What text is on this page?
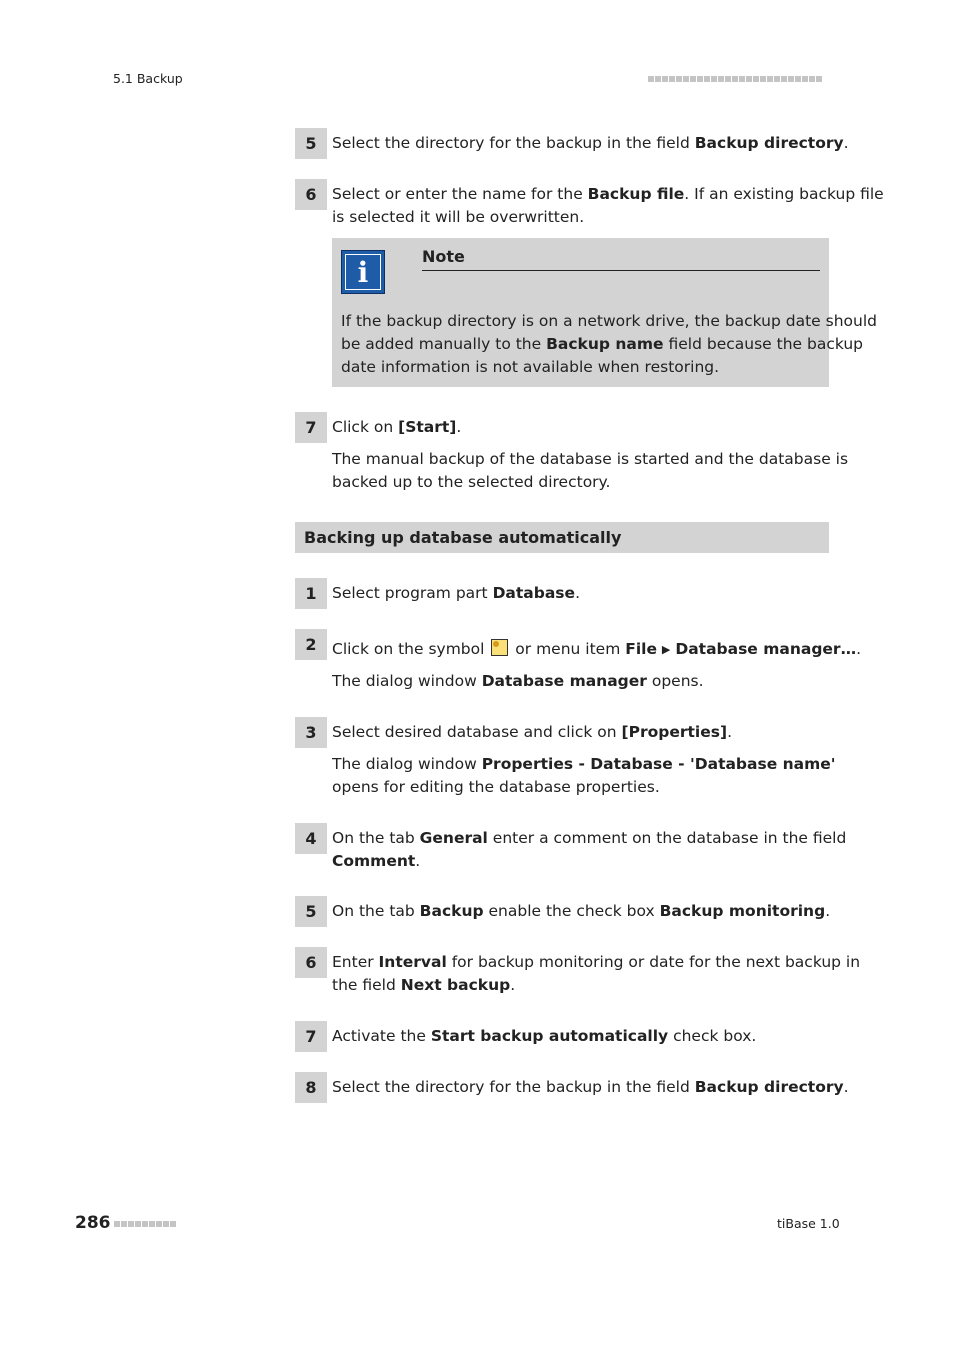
5.1 Backup
5 Select the directory for the backup in the field Backup directory.
6 Select or enter the name for the Backup file. If an existing backup file
is selected it will be overwritten.
i	Note
If the backup directory is on a network drive, the backup date should
be added manually to the Backup name field because the backup
date information is not available when restoring.
7 Click on [Start].
The manual backup of the database is started and the database is
backed up to the selected directory.
Backing up database automatically
1 Select program part Database.
2 Click on the symbol  or menu item File ▶ Database manager….
The dialog window Database manager opens.
3 Select desired database and click on [Properties].
The dialog window Properties - Database - 'Database name'
opens for editing the database properties.
4 On the tab General enter a comment on the database in the field
Comment.
5 On the tab Backup enable the check box Backup monitoring.
6 Enter Interval for backup monitoring or date for the next backup in
the field Next backup.
7 Activate the Start backup automatically check box.
8 Select the directory for the backup in the field Backup directory.
286	tiBase 1.0
